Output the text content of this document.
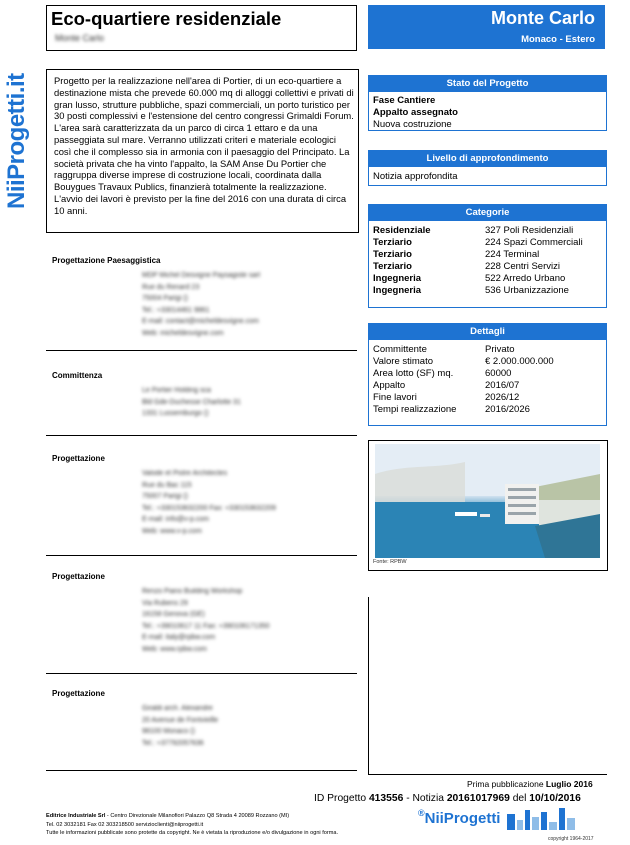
NiiProgetti.it
Eco-quartiere residenziale
Monte Carlo
Monte Carlo
Monaco - Estero

Progetto per la realizzazione nell'area di Portier, di un eco-quartiere a destinazione mista che prevede 60.000 mq di alloggi collettivi e privati di gran lusso, strutture pubbliche, spazi commerciali, un porto turistico per 30 posti complessivi e l'estensione del centro congressi Grimaldi Forum. L'area sarà caratterizzata da un parco di circa 1 ettaro e da una passeggiata sul mare. Verranno utilizzati criteri e materiale ecologici così che il complesso sia in armonia con il paesaggio del Principato. La società privata che ha vinto l'appalto, la SAM Anse Du Portier che raggruppa diverse imprese di costruzione locali, coordinata dalla Bouygues Travaux Publics, finanzierà totalmente la realizzazione. L'avvio dei lavori è previsto per la fine del 2016 con una durata di circa 10 anni.

Stato del Progetto
Fase Cantiere
Appalto assegnato
Nuova costruzione
Livello di approfondimento
Notizia approfondita
Categorie
Residenziale	327 Poli Residenziali
Terziario	224 Spazi Commerciali
Terziario	224 Terminal
Terziario	228 Centri Servizi
Ingegneria	522 Arredo Urbano
Ingegneria	536 Urbanizzazione
Dettagli
Committente	Privato
Valore stimato	€ 2.000.000.000
Area lotto (SF) mq.	60000
Appalto	2016/07
Fine lavori	2026/12
Tempi realizzazione	2016/2026
Fonte: RPBW
Progettazione Paesaggistica
MDP Michel Desvigne Paysagiste sarl
Rue du Renard 23
75004 Parigi ()
Tel.: +33014461 9861
E-mail: contact@micheldesvigne.com
Web: micheldesvigne.com
Committenza
Le Portier Holding sca
Bld Gde-Duchesse Charlotte 31
1331 Lussemburgo ()
Progettazione
Valode et Pistre Architectes
Rue du Bac 115
75007 Parigi ()
Tel.: +330153632200 Fax: +330153632209
E-mail: info@v-p.com
Web: www.v-p.com
Progettazione
Renzo Piano Building Workshop
Via Rubens 29
16158 Genova (GE)
Tel.: +39010617 11 Fax: +390106171350
E-mail: italy@rpbw.com
Web: www.rpbw.com
Progettazione
Giraldi arch. Alexandre
20 Avenue de Fontvieille
98100 Monaco ()
Tel.: +37792057636
Prima pubblicazione Luglio 2016
ID Progetto 413556 - Notizia 20161017969 del 10/10/2016
Editrice Industriale Srl - Centro Direzionale Milanofiori Palazzo Q8 Strada 4 20089 Rozzano (MI)
Tel. 02 3032181 Fax 02 303218500 servizioclienti@niiprogetti.it
Tutte le informazioni pubblicate sono protette da copyright. Ne è vietata la riproduzione e/o divulgazione in ogni forma.
®NiiProgetti
copyright 1964-2017
